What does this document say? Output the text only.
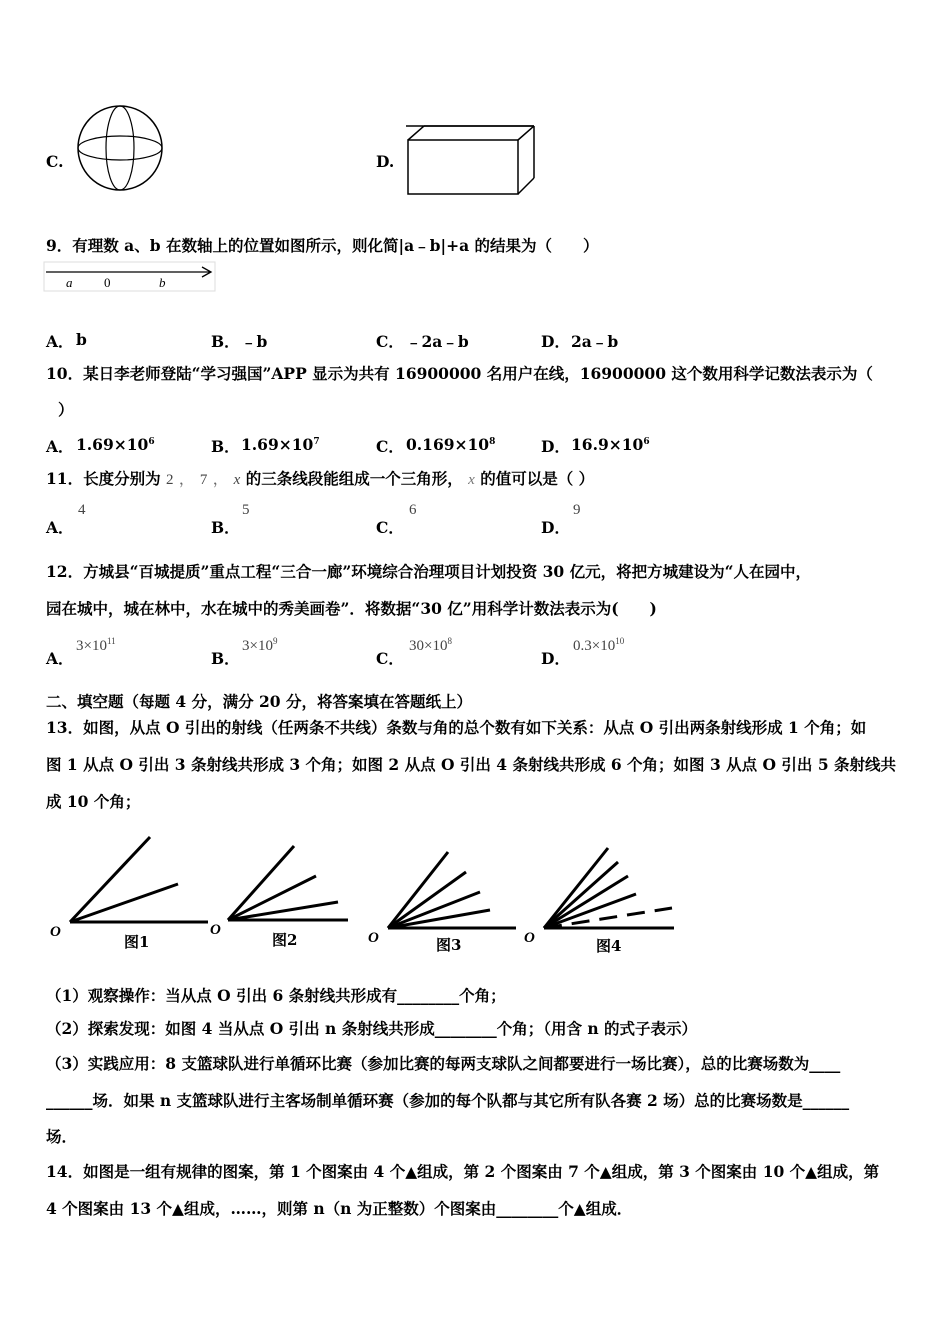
C.	D.
9．有理数 a、b 在数轴上的位置如图所示，则化简|a﹣b|+a 的结果为（　　）
a 0	b
A． b	B． ﹣b	C． ﹣2a﹣b	D． 2a﹣b
10．某日李老师登陆“学习强国”APP 显示为共有 16900000 名用户在线，16900000 这个数用科学记数法表示为（
）
A． $1.69\times 10^6$	B． $1.69\times 10^7$	C． $0.169\times 10^8$	D． $16.9\times 10^6$
11．长度分别为 2 ， 7 ， x 的三条线段能组成一个三角形， x 的值可以是（ ）
A．
4
B．
5
C．
6
D．
9
12．方城县“百城提质”重点工程“三合一廊”环境综合治理项目计划投资 30 亿元，将把方城建设为“人在园中，
园在城中，城在林中，水在城中的秀美画卷”．将数据“30 亿”用科学计数法表示为(　　)
A．
$3\times 10^{11}$
B．
$3\times 10^9$
C．
$30\times 10^8$
D．
$0.3\times 10^{10}$
二、填空题（每题 4 分，满分 20 分，将答案填在答题纸上）
13．如图，从点 O 引出的射线（任两条不共线）条数与角的总个数有如下关系：从点 O 引出两条射线形成 1 个角；如
图 1 从点 O 引出 3 条射线共形成 3 个角；如图 2 从点 O 引出 4 条射线共形成 6 个角；如图 3 从点 O 引出 5 条射线共
成 10 个角；
O
图1
O
图2	O	图3	O	图4
（1）观察操作：当从点 O 引出 6 条射线共形成有________个角；
（2）探索发现：如图 4 当从点 O 引出 n 条射线共形成________个角；（用含 n 的式子表示）
（3）实践应用：8 支篮球队进行单循环比赛（参加比赛的每两支球队之间都要进行一场比赛），总的比赛场数为____
______场．如果 n 支篮球队进行主客场制单循环赛（参加的每个队都与其它所有队各赛 2 场）总的比赛场数是______
场．
14．如图是一组有规律的图案，第 1 个图案由 4 个▲组成，第 2 个图案由 7 个▲组成，第 3 个图案由 10 个▲组成，第
4 个图案由 13 个▲组成，……，则第 n（n 为正整数）个图案由________个▲组成．
